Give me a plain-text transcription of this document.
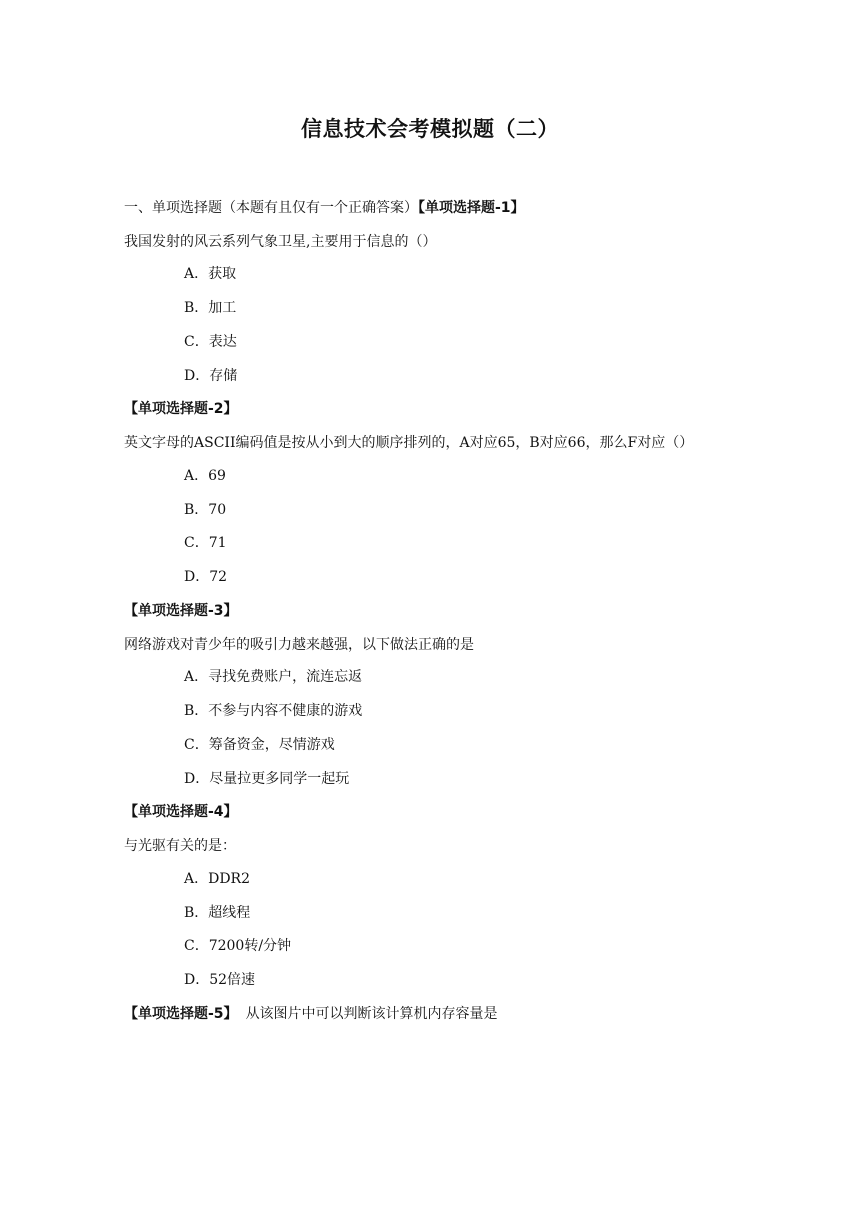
信息技术会考模拟题（二）
一、单项选择题（本题有且仅有一个正确答案）【单项选择题-1】
我国发射的风云系列气象卫星,主要用于信息的（）
A．获取
B．加工
C．表达
D．存储
【单项选择题-2】
英文字母的ASCII编码值是按从小到大的顺序排列的，A对应65，B对应66，那么F对应（）
A．69
B．70
C．71
D．72
【单项选择题-3】
网络游戏对青少年的吸引力越来越强，以下做法正确的是
A．寻找免费账户，流连忘返
B．不参与内容不健康的游戏
C．筹备资金，尽情游戏
D．尽量拉更多同学一起玩
【单项选择题-4】
与光驱有关的是：
A．DDR2
B．超线程
C．7200转/分钟
D．52倍速
【单项选择题-5】 从该图片中可以判断该计算机内存容量是
